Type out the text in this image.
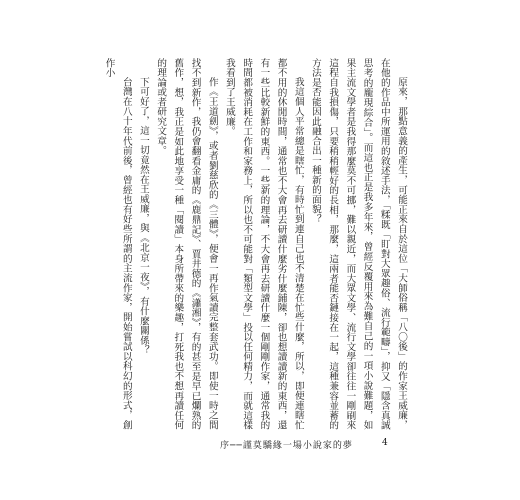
原來，那點意義的產生，可能正來自於這位「大師俗稱「八〇後」的作家王威廉，在他的作品中所運用的敘述手法，「糅既「盯對大眾趣俗、流行範疇」，抑又「隱含真誠思考的龐現綜合」。而這也正是我多年來，曾經反覆用來為難自己的一項小說難題，如果主流文學者是我得那麼莫不可挪，難以親近，而大眾文學、流行文學卻往往一剛刷來這程自我損傷，只要稍稍輕好的長相，那麼，這兩者能否鏈接在一起，這種兼容並蓄的方法是否能因此融合出一種新的面貌？

我這個人平常總是瞎忙，有時忙到連自己也不清楚在忙些什麼，所以，即便連瞎忙都不用的休閒時間，通常也不大會再去研讀什麼劣什麼鋪陳，卻也想讀讀新的東西，還有一些比較新鮮的東西。一些新的理論，不大會再去研讀什麼一個剛剛作家，通常我的時間都被消耗在工作和家務上，所以也不可能對「類型文學」投以任何精力，而就這樣我看到了王威廉。

作《王道劍》，或者劉慈欣的《三體》，便會一再作氣讀完整套武功。即使一時之間找不到新作，我仍會翻看金庸的《鹿鼎記》、賈井德的《瀟湘》，有的甚至是早已爛熟的舊作，想，我正是如此地享受一種「閱讀」本身所帶來的樂趣，打死我也不想再讀任何的理論或者研究文章。

下可好了，這一切竟然在王威廉，與《北京一夜》，有什麼關係？

台灣在八十年代前後，曾經也有好些所謂的主流作家，開始嘗試以科幻的形式，創作小

序──謹莫驕緣一場小說家的夢	4
